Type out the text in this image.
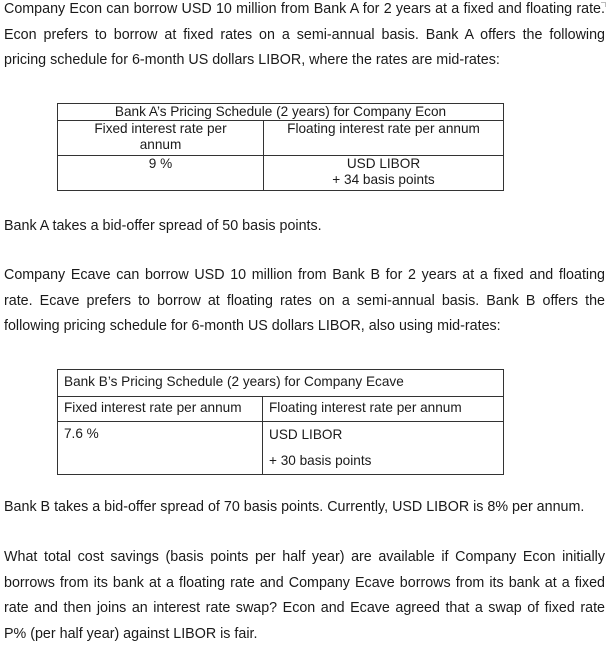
Company Econ can borrow USD 10 million from Bank A for 2 years at a fixed and floating rate.
Econ prefers to borrow at fixed rates on a semi-annual basis. Bank A offers the following
pricing schedule for 6-month US dollars LIBOR, where the rates are mid-rates:

Bank A’s Pricing Schedule (2 years) for Company Econ	

Fixed interest rate per
annum	Floating interest rate per annum
9 %	USD LIBOR
+ 34 basis points

Bank A takes a bid-offer spread of 50 basis points.

Company Ecave can borrow USD 10 million from Bank B for 2 years at a fixed and floating
rate. Ecave prefers to borrow at floating rates on a semi-annual basis. Bank B offers the
following pricing schedule for 6-month US dollars LIBOR, also using mid-rates:

Bank B’s Pricing Schedule (2 years) for Company Ecave	
Fixed interest rate per annum	Floating interest rate per annum
7.6 %	USD LIBOR
+ 30 basis points

Bank B takes a bid-offer spread of 70 basis points. Currently, USD LIBOR is 8% per annum.

What total cost savings (basis points per half year) are available if Company Econ initially
borrows from its bank at a floating rate and Company Ecave borrows from its bank at a fixed
rate and then joins an interest rate swap? Econ and Ecave agreed that a swap of fixed rate
P% (per half year) against LIBOR is fair.
